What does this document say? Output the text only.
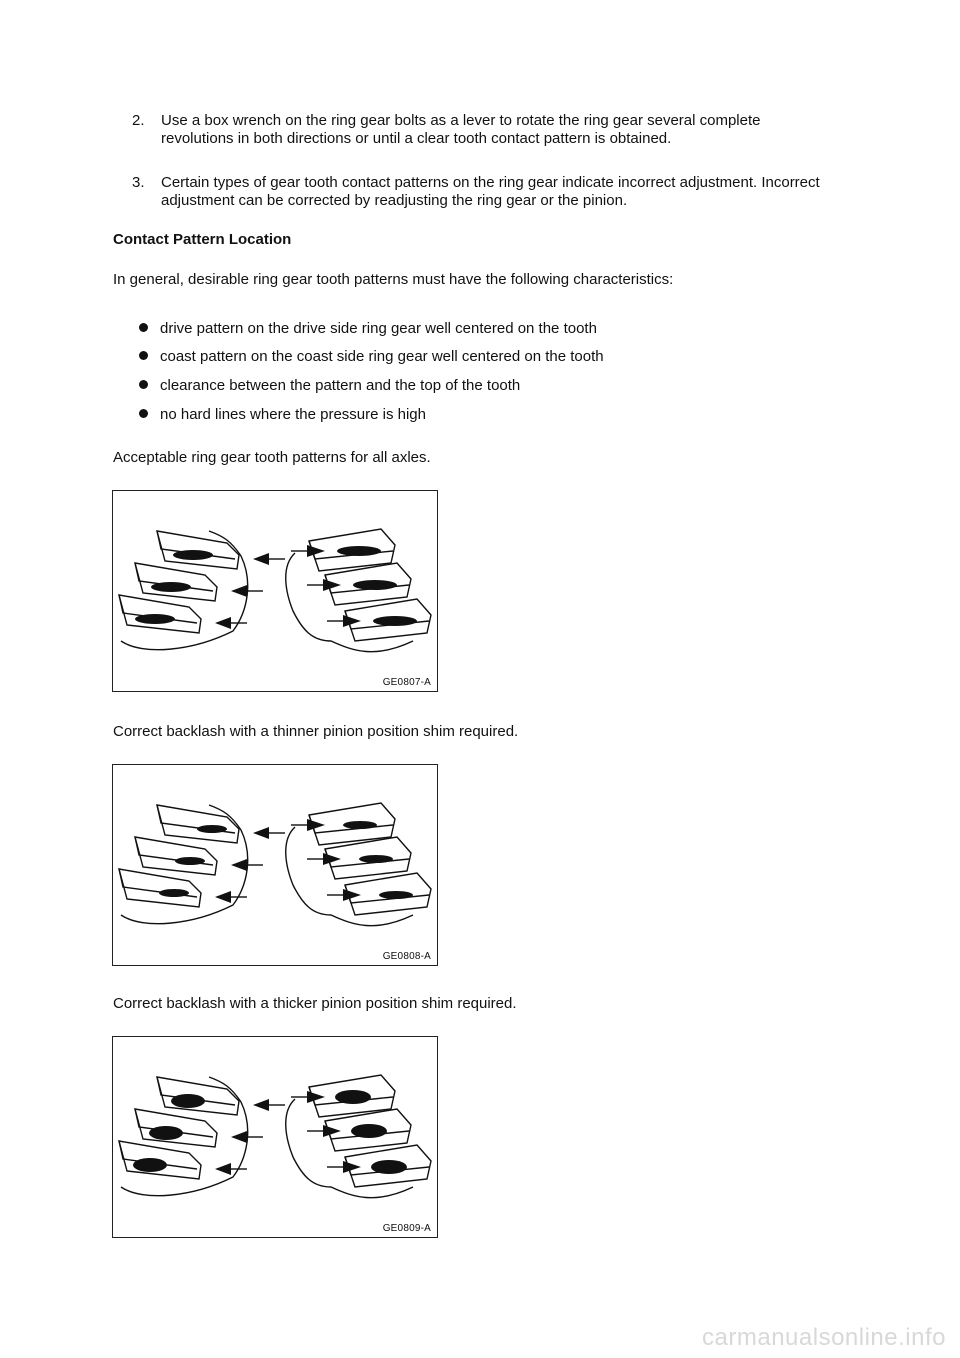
2. Use a box wrench on the ring gear bolts as a lever to rotate the ring gear several complete revolutions in both directions or until a clear tooth contact pattern is obtained.
3. Certain types of gear tooth contact patterns on the ring gear indicate incorrect adjustment. Incorrect adjustment can be corrected by readjusting the ring gear or the pinion.
Contact Pattern Location
In general, desirable ring gear tooth patterns must have the following characteristics:
drive pattern on the drive side ring gear well centered on the tooth
coast pattern on the coast side ring gear well centered on the tooth
clearance between the pattern and the top of the tooth
no hard lines where the pressure is high
Acceptable ring gear tooth patterns for all axles.
GE0807-A
Correct backlash with a thinner pinion position shim required.
GE0808-A
Correct backlash with a thicker pinion position shim required.
GE0809-A
carmanualsonline.info
